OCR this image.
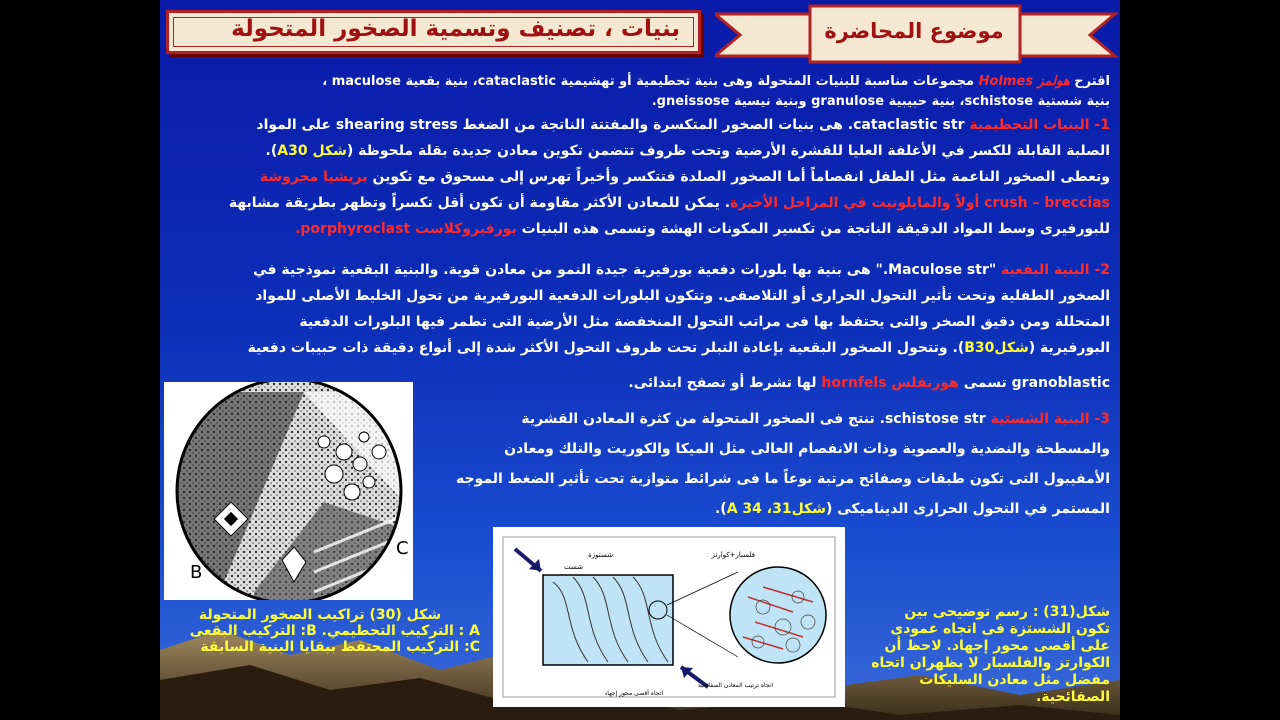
بنيات ، تصنيف وتسمية الصخور المتحولة	موضوع المحاضرة
اقترح هولمز Holmes مجموعات مناسبة للبنيات المتحولة وهى بنية تحطيمية أو تهشيمية cataclastic، بنية بقعية maculose ،
بنية شستية schistose، بنية حبيبية granulose وبنية نيسية gneissose.
1- البنيات التحطيمية cataclastic str. هى بنيات الصخور المتكسرة والمفتتة الناتجة من الضغط shearing stress على المواد
الصلبة القابلة للكسر في الأغلفة العليا للقشرة الأرضية وتحت ظروف تتضمن تكوين معادن جديدة بقلة ملحوظة (شكل A30).
وتعطى الصخور الناعمة مثل الطفل انفصاماً أما الصخور الصلدة فتتكسر وأخيراً تهرس إلى مسحوق مع تكوين بريشيا مجروشة
crush – breccias أولاً والمايلونيت في المراحل الأخيرة. يمكن للمعادن الأكثر مقاومة أن تكون أقل تكسراً وتظهر بطريقة مشابهة
للبورفيرى وسط المواد الدقيقة الناتجة من تكسير المكونات الهشة وتسمى هذه البنيات بورفيروكلاست porphyroclast.
2- البنية البقعية "Maculose str." هى بنية بها بلورات دفعية بورفيرية جيدة النمو من معادن قوية. والبنية البقعية نموذجية في
الصخور الطفلية وتحت تأثير التحول الحرارى أو التلاصقى. وتتكون البلورات الدفعية البورفيرية من تحول الخليط الأصلى للمواد
المتحللة ومن دقيق الصخر والتى يحتفظ بها فى مراتب التحول المنخفضة مثل الأرضية التى تطمر فيها البلورات الدفعية
البورفيرية (شكلB30). وتتحول الصخور البقعية بإعادة التبلر تحت ظروف التحول الأكثر شدة إلى أنواع دقيقة ذات حبيبات دفعية
granoblastic تسمى هورنفلس hornfels لها تشرط أو تصفح ابتدائى.
3- البنية الشستية schistose str. تنتج فى الصخور المتحولة من كثرة المعادن القشرية
والمسطحة والنضدية والعصوية وذات الانفصام العالى مثل الميكا والكوريت والتلك ومعادن
الأمفيبول التى تكون طبقات وصفائح مرتبة نوعاً ما فى شرائط متوازية تحت تأثير الضغط الموجه
المستمر في التحول الحرارى الديناميكى (شكل31، 34 A).
B
C	شستوزة
شست
فلسبار+كوارتز
اتجاه أقصى محور إجهاد
اتجاه ترتيب المعادن الصفائحية
شكل (30) تراكيب الصخور المتحولة
A : التركيب التحطيمي. B: التركيب البقعى
C: التركيب المحتفظ ببقايا البنية السابقة
شكل(31) : رسم توضيحى بين
تكون الشستزة فى اتجاه عمودى
على أقصى محور إجهاد. لاحظ أن
الكوارتز والفلسبار لا يظهران اتجاه
مفضل مثل معادن السليكات
الصفائحية.
